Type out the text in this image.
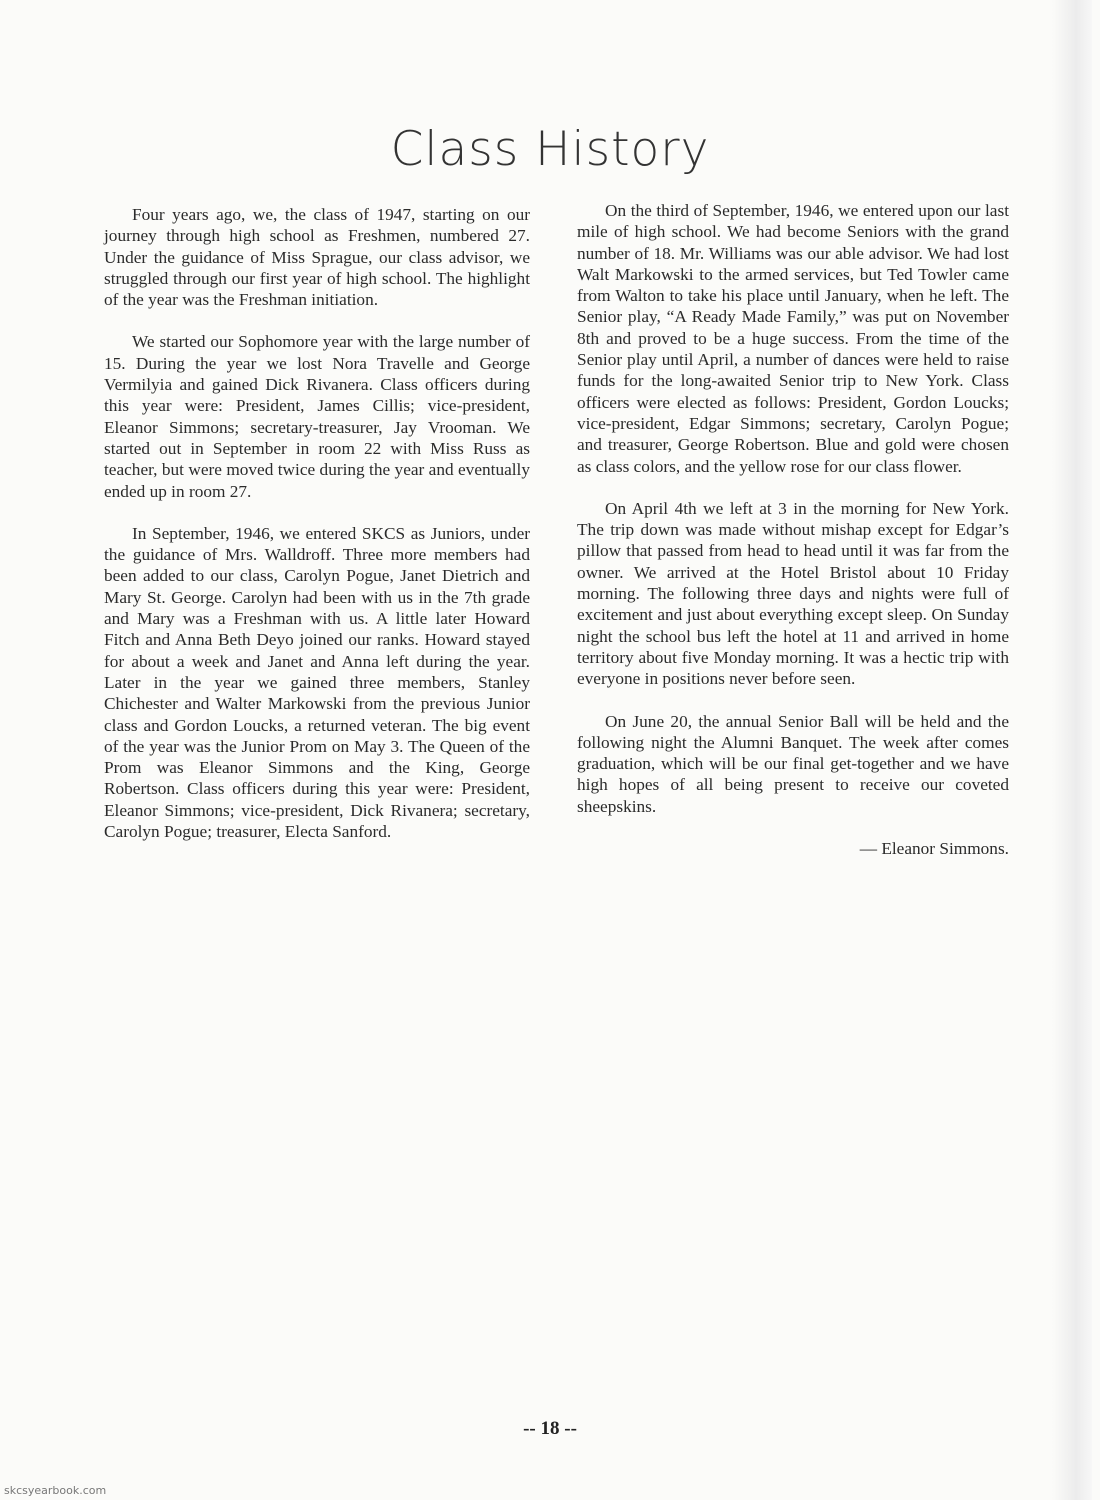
Class History

Four years ago, we, the class of 1947, starting on our journey through high school as Freshmen, numbered 27. Under the guidance of Miss Sprague, our class advisor, we struggled through our first year of high school. The highlight of the year was the Freshman initiation.

We started our Sophomore year with the large number of 15. During the year we lost Nora Travelle and George Vermilyia and gained Dick Rivanera. Class officers during this year were: President, James Cillis; vice-president, Eleanor Simmons; secretary-treasurer, Jay Vrooman. We started out in September in room 22 with Miss Russ as teacher, but were moved twice during the year and eventually ended up in room 27.

In September, 1946, we entered SKCS as Juniors, under the guidance of Mrs. Walldroff. Three more members had been added to our class, Carolyn Pogue, Janet Dietrich and Mary St. George. Carolyn had been with us in the 7th grade and Mary was a Freshman with us. A little later Howard Fitch and Anna Beth Deyo joined our ranks. Howard stayed for about a week and Janet and Anna left during the year. Later in the year we gained three members, Stanley Chichester and Walter Markowski from the previous Junior class and Gordon Loucks, a returned veteran. The big event of the year was the Junior Prom on May 3. The Queen of the Prom was Eleanor Simmons and the King, George Robertson. Class officers during this year were: President, Eleanor Simmons; vice-president, Dick Rivanera; secretary, Carolyn Pogue; treasurer, Electa Sanford.

On the third of September, 1946, we entered upon our last mile of high school. We had become Seniors with the grand number of 18. Mr. Williams was our able advisor. We had lost Walt Markowski to the armed services, but Ted Towler came from Walton to take his place until January, when he left. The Senior play, “A Ready Made Family,” was put on November 8th and proved to be a huge success. From the time of the Senior play until April, a number of dances were held to raise funds for the long-awaited Senior trip to New York. Class officers were elected as follows: President, Gordon Loucks; vice-president, Edgar Simmons; secretary, Carolyn Pogue; and treasurer, George Robertson. Blue and gold were chosen as class colors, and the yellow rose for our class flower.

On April 4th we left at 3 in the morning for New York. The trip down was made without mishap except for Edgar’s pillow that passed from head to head until it was far from the owner. We arrived at the Hotel Bristol about 10 Friday morning. The following three days and nights were full of excitement and just about everything except sleep. On Sunday night the school bus left the hotel at 11 and arrived in home territory about five Monday morning. It was a hectic trip with everyone in positions never before seen.

On June 20, the annual Senior Ball will be held and the following night the Alumni Banquet. The week after comes graduation, which will be our final get-together and we have high hopes of all being present to receive our coveted sheepskins.

— Eleanor Simmons.

-- 18 --
skcsyearbook.com
